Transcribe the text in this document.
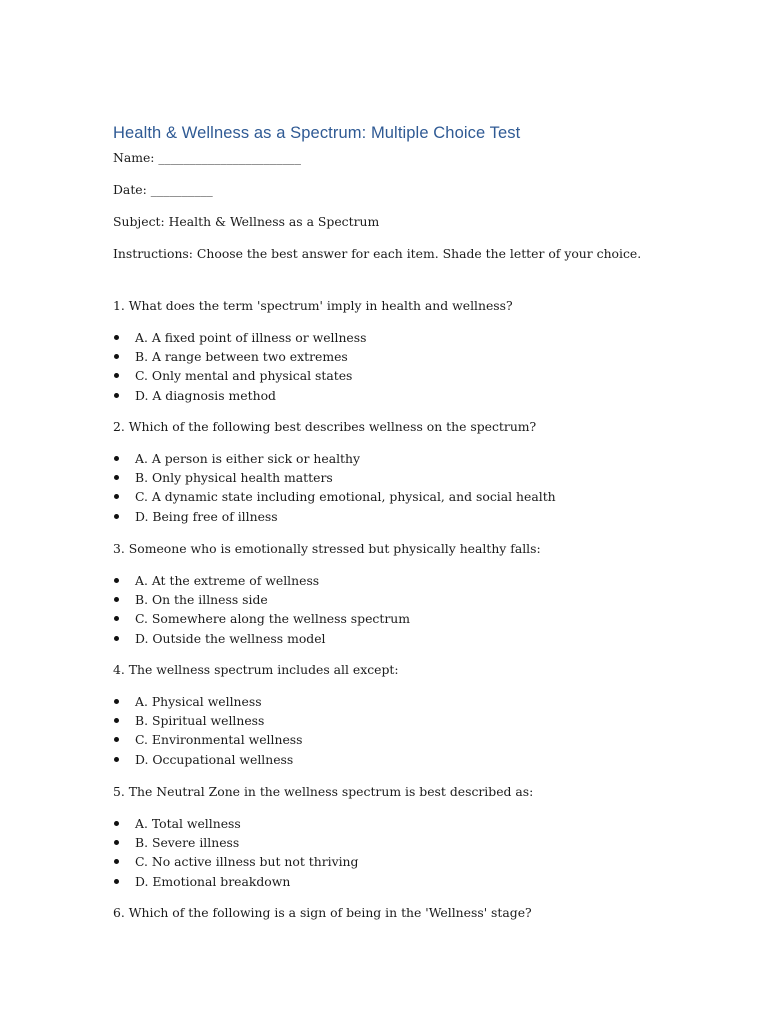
Health & Wellness as a Spectrum: Multiple Choice Test
Name: _______________________
Date: __________
Subject: Health & Wellness as a Spectrum
Instructions: Choose the best answer for each item. Shade the letter of your choice.
1. What does the term 'spectrum' imply in health and wellness?
A. A fixed point of illness or wellness
B. A range between two extremes
C. Only mental and physical states
D. A diagnosis method
2. Which of the following best describes wellness on the spectrum?
A. A person is either sick or healthy
B. Only physical health matters
C. A dynamic state including emotional, physical, and social health
D. Being free of illness
3. Someone who is emotionally stressed but physically healthy falls:
A. At the extreme of wellness
B. On the illness side
C. Somewhere along the wellness spectrum
D. Outside the wellness model
4. The wellness spectrum includes all except:
A. Physical wellness
B. Spiritual wellness
C. Environmental wellness
D. Occupational wellness
5. The Neutral Zone in the wellness spectrum is best described as:
A. Total wellness
B. Severe illness
C. No active illness but not thriving
D. Emotional breakdown
6. Which of the following is a sign of being in the 'Wellness' stage?
